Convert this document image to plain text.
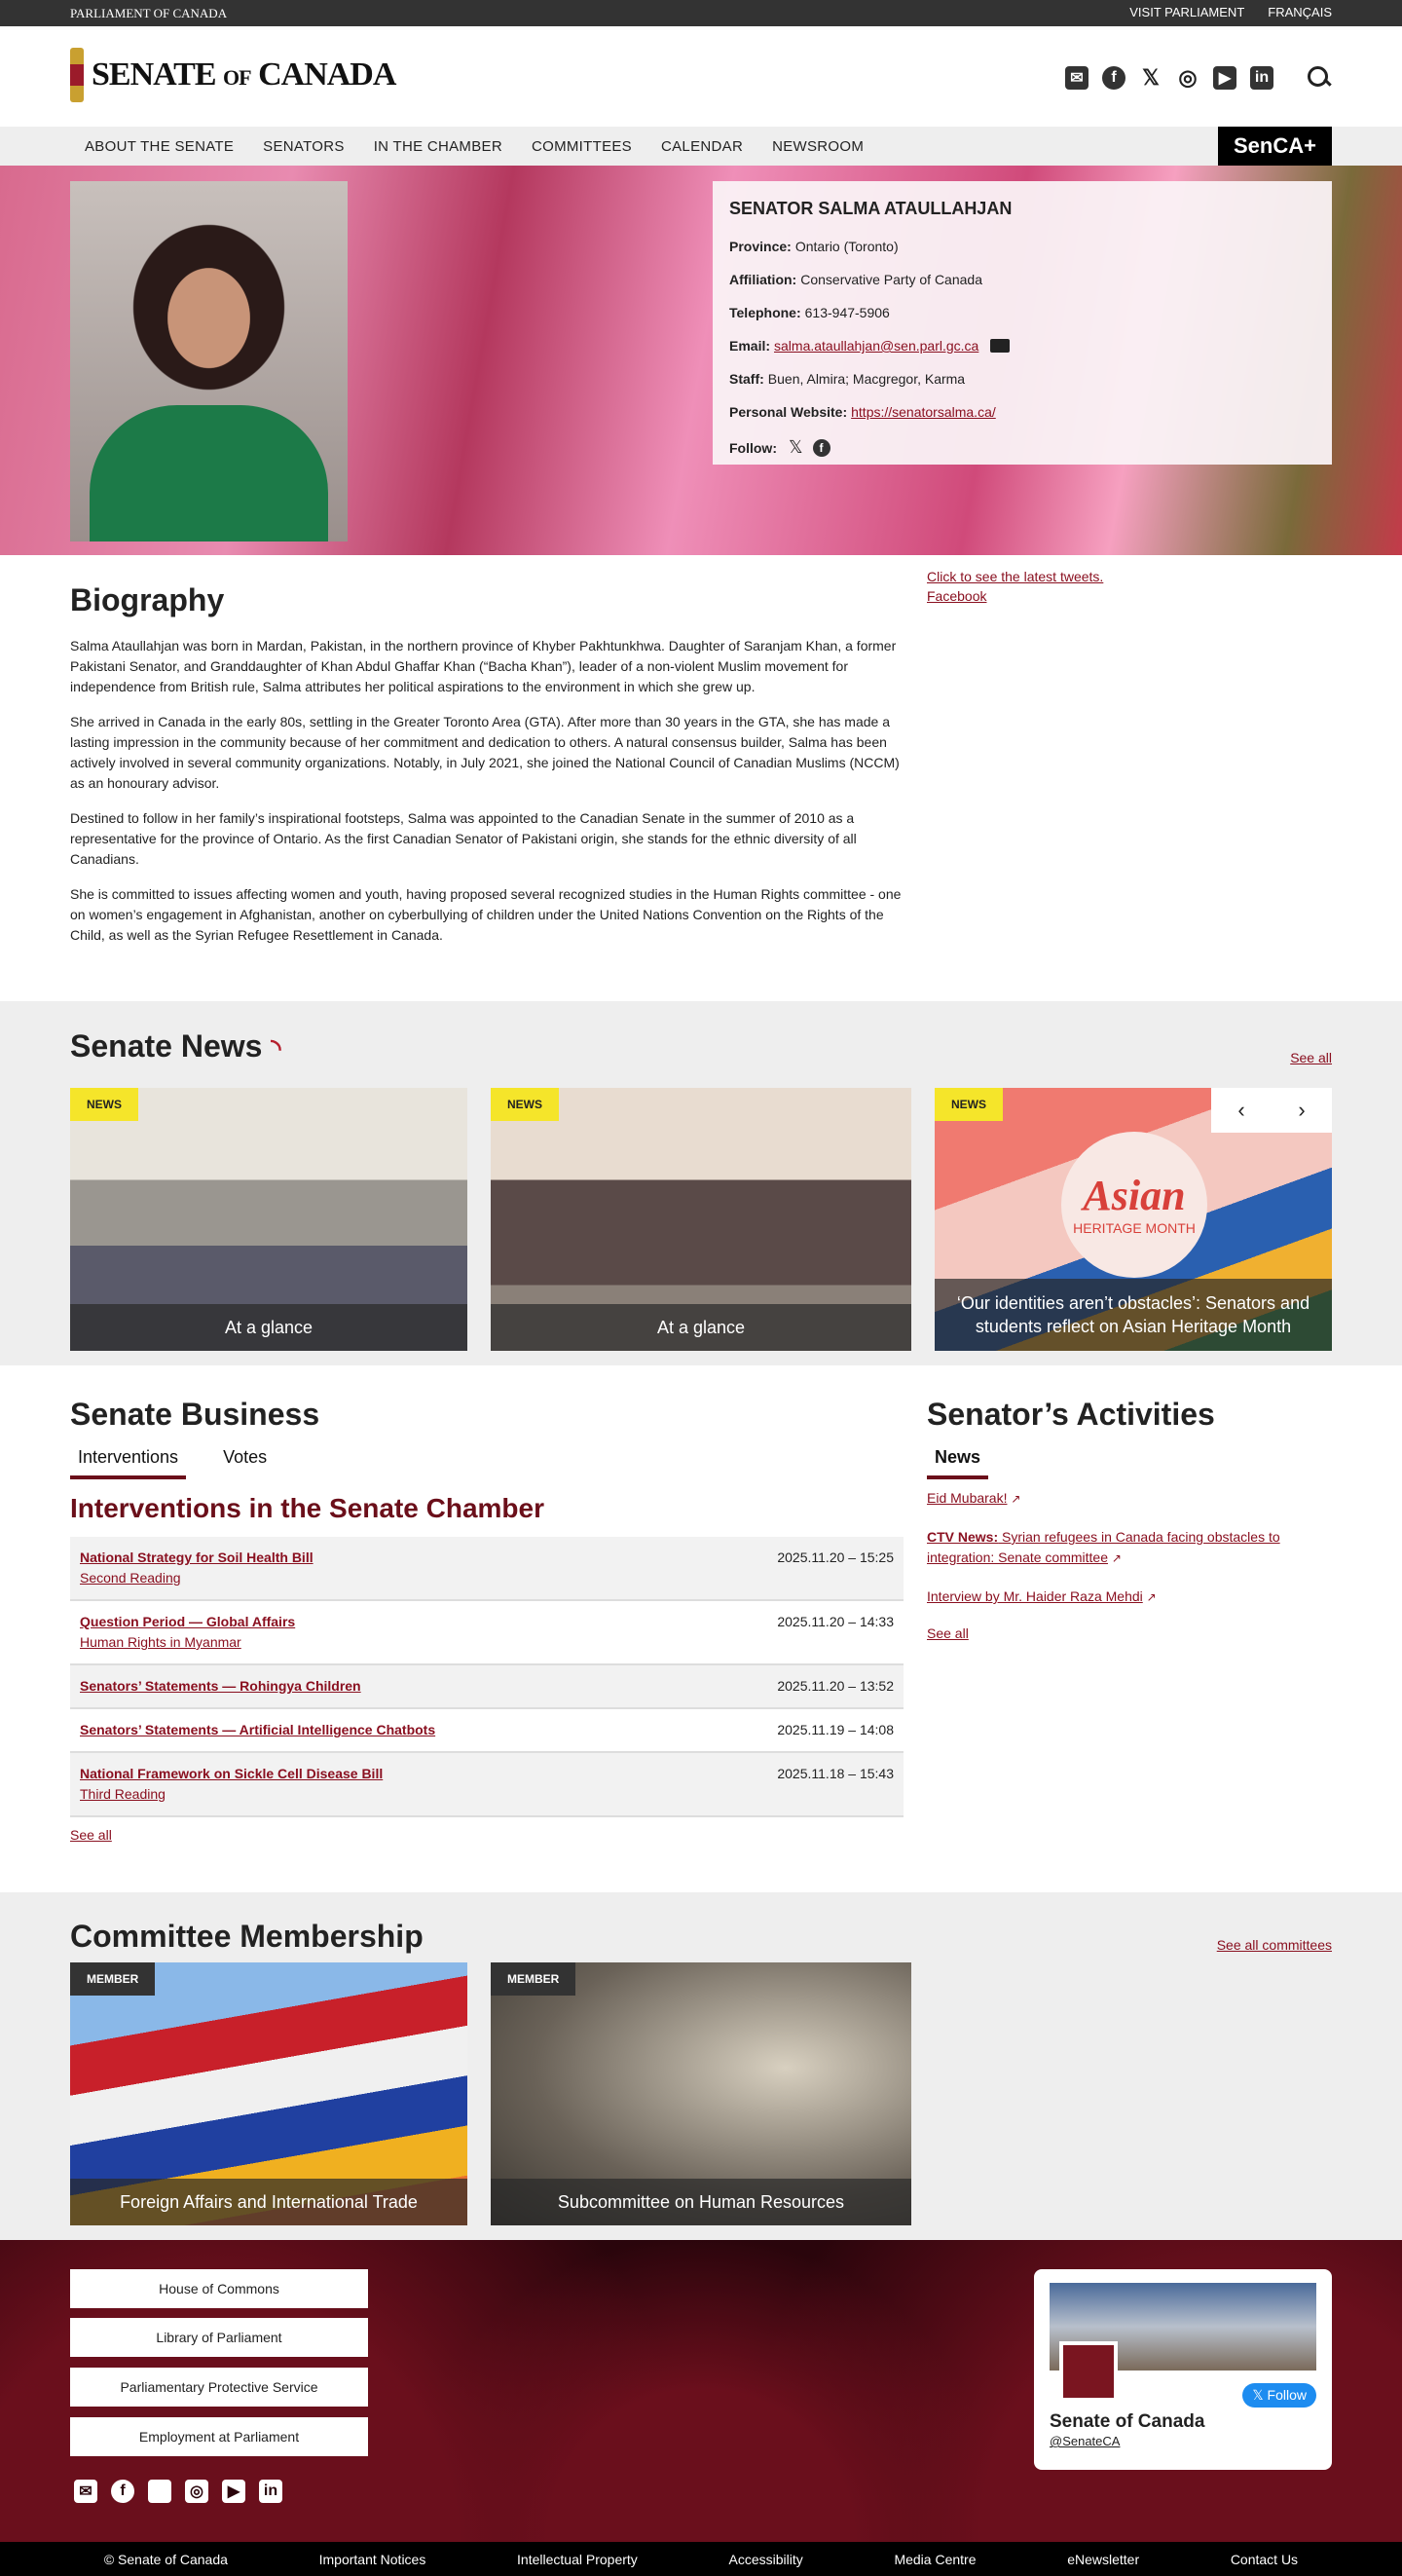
PARLIAMENT OF CANADA	VISIT PARLIAMENT FRANÇAIS
SENATE OF CANADA	✉	f	𝕏 ◎	▶	in
ABOUT THE SENATE	SENATORS	IN THE CHAMBER	COMMITTEES	CALENDAR	NEWSROOM	SenCA+
SENATOR SALMA ATAULLAHJAN

Province: Ontario (Toronto)

Affiliation: Conservative Party of Canada

Telephone: 613-947-5906

Email: salma.ataullahjan@sen.parl.gc.ca

Staff: Buen, Almira; Macgregor, Karma

Personal Website: https://senatorsalma.ca/

Follow: 𝕏	f

Biography

Salma Ataullahjan was born in Mardan, Pakistan, in the northern province of Khyber Pakhtunkhwa. Daughter of Saranjam Khan, a former Pakistani Senator, and Granddaughter of Khan Abdul Ghaffar Khan (“Bacha Khan”), leader of a non-violent Muslim movement for independence from British rule, Salma attributes her political aspirations to the environment in which she grew up.

She arrived in Canada in the early 80s, settling in the Greater Toronto Area (GTA). After more than 30 years in the GTA, she has made a lasting impression in the community because of her commitment and dedication to others. A natural consensus builder, Salma has been actively involved in several community organizations. Notably, in July 2021, she joined the National Council of Canadian Muslims (NCCM) as an honourary advisor.

Destined to follow in her family’s inspirational footsteps, Salma was appointed to the Canadian Senate in the summer of 2010 as a representative for the province of Ontario. As the first Canadian Senator of Pakistani origin, she stands for the ethnic diversity of all Canadians.

She is committed to issues affecting women and youth, having proposed several recognized studies in the Human Rights committee - one on women’s engagement in Afghanistan, another on cyberbullying of children under the United Nations Convention on the Rights of the Child, as well as the Syrian Refugee Resettlement in Canada.

Click to see the latest tweets.
Facebook
Senate News ◝	See all
NEWS
At a glance
NEWS
At a glance
Asian
HERITAGE MONTH
NEWS	‹	›
‘Our identities aren’t obstacles’: Senators and students reflect on Asian Heritage Month
Senate Business
Interventions	Votes
Interventions in the Senate Chamber
National Strategy for Soil Health Bill
Second Reading
2025.11.20 – 15:25
Question Period — Global Affairs
Human Rights in Myanmar
2025.11.20 – 14:33
Senators’ Statements — Rohingya Children	2025.11.20 – 13:52
Senators’ Statements — Artificial Intelligence Chatbots	2025.11.19 – 14:08
National Framework on Sickle Cell Disease Bill
Third Reading
2025.11.18 – 15:43
See all
Senator’s Activities
News
Eid Mubarak! ↗
CTV News: Syrian refugees in Canada facing obstacles to integration: Senate committee ↗
Interview by Mr. Haider Raza Mehdi ↗
See all
Committee Membership	See all committees
MEMBER
Foreign Affairs and International Trade
MEMBER
Subcommittee on Human Resources
House of Commons
Library of Parliament
Parliamentary Protective Service
Employment at Parliament
✉	f	𝕏	◎	▶	in
𝕏 Follow
Senate of Canada
@SenateCA
© Senate of Canada	Important Notices	Intellectual Property	Accessibility	Media Centre	eNewsletter	Contact Us
